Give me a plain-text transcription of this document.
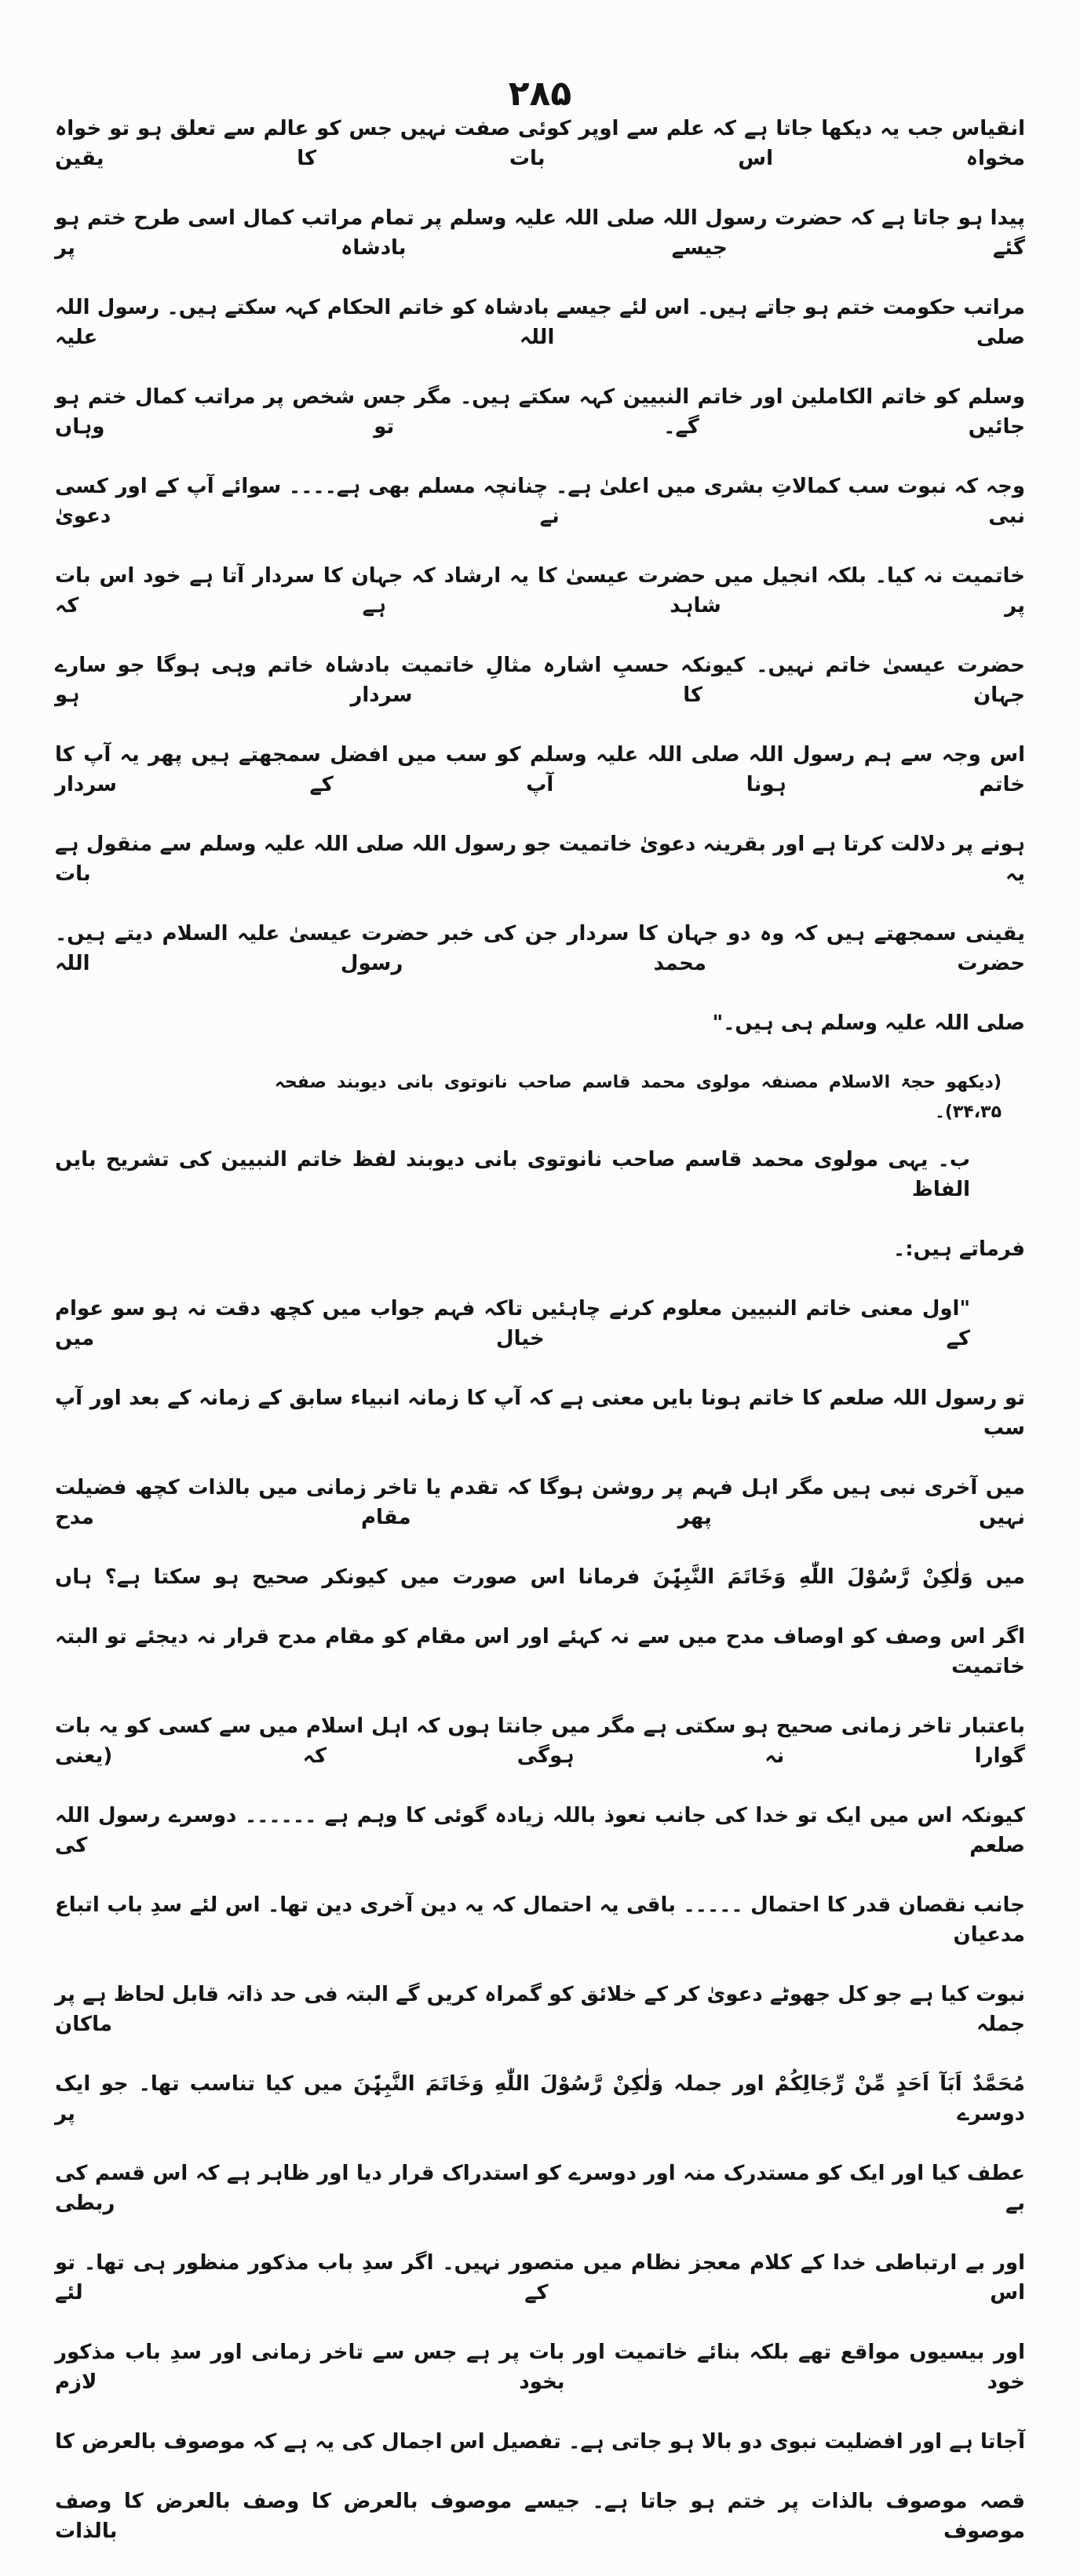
۲۸۵
انقیاس جب یہ دیکھا جاتا ہے کہ علم سے اوپر کوئی صفت نہیں جس کو عالم سے تعلق ہو تو خواہ مخواہ اس بات کا یقین
پیدا ہو جاتا ہے کہ حضرت رسول اللہ صلی اللہ علیہ وسلم پر تمام مراتب کمال اسی طرح ختم ہو گئے جیسے بادشاہ پر
مراتب حکومت ختم ہو جاتے ہیں۔ اس لئے جیسے بادشاہ کو خاتم الحکام کہہ سکتے ہیں۔ رسول اللہ صلی اللہ علیہ
وسلم کو خاتم الکاملین اور خاتم النبیین کہہ سکتے ہیں۔ مگر جس شخص پر مراتب کمال ختم ہو جائیں گے۔ تو وہاں
وجہ کہ نبوت سب کمالاتِ بشری میں اعلیٰ ہے۔ چنانچہ مسلم بھی ہے۔۔۔۔ سوائے آپ کے اور کسی نبی نے دعویٰ
خاتمیت نہ کیا۔ بلکہ انجیل میں حضرت عیسیٰ کا یہ ارشاد کہ جہان کا سردار آتا ہے خود اس بات پر شاہد ہے کہ
حضرت عیسیٰ خاتم نہیں۔ کیونکہ حسبِ اشارہ مثالِ خاتمیت بادشاہ خاتم وہی ہوگا جو سارے جہان کا سردار ہو
اس وجہ سے ہم رسول اللہ صلی اللہ علیہ وسلم کو سب میں افضل سمجھتے ہیں پھر یہ آپ کا خاتم ہونا آپ کے سردار
ہونے پر دلالت کرتا ہے اور بقرینہ دعویٰ خاتمیت جو رسول اللہ صلی اللہ علیہ وسلم سے منقول ہے یہ بات
یقینی سمجھتے ہیں کہ وہ دو جہان کا سردار جن کی خبر حضرت عیسیٰ علیہ السلام دیتے ہیں۔ حضرت محمد رسول اللہ
صلی اللہ علیہ وسلم ہی ہیں۔"
(دیکھو حجۃ الاسلام مصنفہ مولوی محمد قاسم صاحب نانوتوی بانی دیوبند صفحہ ۳۴،۳۵)۔
ب۔ یہی مولوی محمد قاسم صاحب نانوتوی بانی دیوبند لفظ خاتم النبیین کی تشریح بایں الفاظ
فرماتے ہیں:۔
"اول معنی خاتم النبیین معلوم کرنے چاہئیں تاکہ فہم جواب میں کچھ دقت نہ ہو سو عوام کے خیال میں
تو رسول اللہ صلعم کا خاتم ہونا بایں معنی ہے کہ آپ کا زمانہ انبیاء سابق کے زمانہ کے بعد اور آپ سب
میں آخری نبی ہیں مگر اہل فہم پر روشن ہوگا کہ تقدم یا تاخر زمانی میں بالذات کچھ فضیلت نہیں پھر مقام مدح
میں وَلٰكِنْ رَّسُوْلَ اللّٰهِ وَخَاتَمَ النَّبِيّٖنَ فرمانا اس صورت میں کیونکر صحیح ہو سکتا ہے؟ ہاں
اگر اس وصف کو اوصاف مدح میں سے نہ کہئے اور اس مقام کو مقام مدح قرار نہ دیجئے تو البتہ خاتمیت
باعتبار تاخر زمانی صحیح ہو سکتی ہے مگر میں جانتا ہوں کہ اہل اسلام میں سے کسی کو یہ بات گوارا نہ ہوگی کہ (یعنی
کیونکہ اس میں ایک تو خدا کی جانب نعوذ باللہ زیادہ گوئی کا وہم ہے ۔۔۔۔۔۔ دوسرے رسول اللہ صلعم کی
جانب نقصان قدر کا احتمال ۔۔۔۔۔ باقی یہ احتمال کہ یہ دین آخری دین تھا۔ اس لئے سدِ باب اتباع مدعیان
نبوت کیا ہے جو کل جھوٹے دعویٰ کر کے خلائق کو گمراہ کریں گے البتہ فی حد ذاتہ قابل لحاظ ہے پر جملہ ماکان
مُحَمَّدٌ اَبَآ اَحَدٍ مِّنْ رِّجَالِكُمْ اور جملہ وَلٰكِنْ رَّسُوْلَ اللّٰهِ وَخَاتَمَ النَّبِيّٖنَ میں کیا تناسب تھا۔ جو ایک دوسرے پر
عطف کیا اور ایک کو مستدرک منہ اور دوسرے کو استدراک قرار دیا اور ظاہر ہے کہ اس قسم کی بے ربطی
اور بے ارتباطی خدا کے کلام معجز نظام میں متصور نہیں۔ اگر سدِ باب مذکور منظور ہی تھا۔ تو اس کے لئے
اور بیسیوں مواقع تھے بلکہ بنائے خاتمیت اور بات پر ہے جس سے تاخر زمانی اور سدِ باب مذکور خود بخود لازم
آجاتا ہے اور افضلیت نبوی دو بالا ہو جاتی ہے۔ تفصیل اس اجمال کی یہ ہے کہ موصوف بالعرض کا
قصہ موصوف بالذات پر ختم ہو جاتا ہے۔ جیسے موصوف بالعرض کا وصف بالعرض کا وصف موصوف بالذات
